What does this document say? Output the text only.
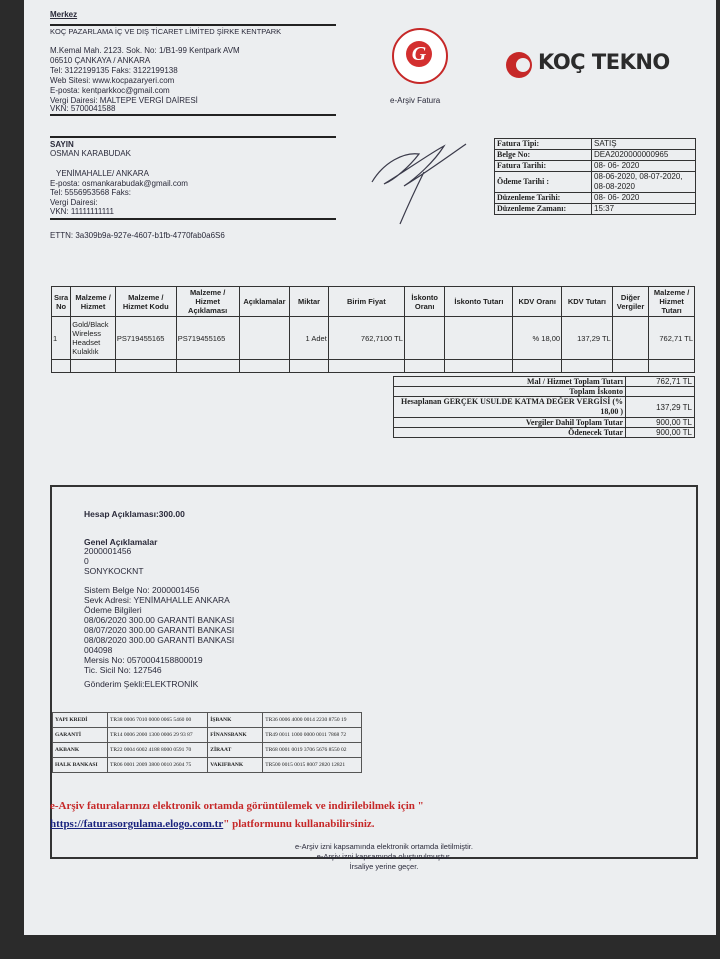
Merkez
KOÇ PAZARLAMA İÇ VE DIŞ TİCARET LİMİTED ŞİRKE KENTPARK
M.Kemal Mah. 2123. Sok. No: 1/B1-99 Kentpark AVM
06510 ÇANKAYA / ANKARA
Tel: 3122199135 Faks: 3122199138
Web Sitesi: www.kocpazaryeri.com
E-posta: kentparkkoc@gmail.com
Vergi Dairesi: MALTEPE VERGİ DAİRESİ
VKN: 5700041588
G
e-Arşiv Fatura
KOÇ TEKNO
SAYIN
OSMAN KARABUDAK
YENİMAHALLE/ ANKARA
E-posta: osmankarabudak@gmail.com
Tel: 5556953568 Faks:
Vergi Dairesi:
VKN: 11111111111
ETTN: 3a309b9a-927e-4607-b1fb-4770fab0a6S6
Fatura Tipi:	SATIŞ
Belge No:	DEA2020000000965
Fatura Tarihi:	08- 06- 2020
Ödeme Tarihi :	08-06-2020, 08-07-2020, 08-08-2020
Düzenleme Tarihi:	08- 06- 2020
Düzenleme Zamanı:	15:37
Sıra No	Malzeme / Hizmet	Malzeme / Hizmet Kodu	Malzeme / Hizmet Açıklaması	Açıklamalar	Miktar	Birim Fiyat	İskonto Oranı	İskonto Tutarı	KDV Oranı	KDV Tutarı	Diğer Vergiler	Malzeme / Hizmet Tutarı
1	Gold/Black Wireless Headset Kulaklık	PS719455165	PS719455165		1 Adet	762,7100 TL			% 18,00	137,29 TL		762,71 TL

Mal / Hizmet Toplam Tutarı	762,71 TL
Toplam İskonto	
Hesaplanan GERÇEK USULDE KATMA DEĞER VERGİSİ (% 18,00 )	137,29 TL
Vergiler Dahil Toplam Tutar	900,00 TL
Ödenecek Tutar	900,00 TL
Hesap Açıklaması:300.00
Genel Açıklamalar
2000001456
0
SONYKOCKNT
Sistem Belge No: 2000001456
Sevk Adresi: YENİMAHALLE ANKARA
Ödeme Bilgileri
08/06/2020 300.00 GARANTİ BANKASI
08/07/2020 300.00 GARANTİ BANKASI
08/08/2020 300.00 GARANTİ BANKASI
004098
Mersis No: 0570004158800019
Tic. Sicil No: 127546
Gönderim Şekli:ELEKTRONİK
YAPI KREDİ	TR38 0006 7010 0000 0065 5460 00	İŞBANK	TR36 0006 4000 0014 2230 8750 19
GARANTİ	TR14 0006 2000 1300 0006 29 93 87	FİNANSBANK	TR49 0011 1000 0000 0011 7868 72
AKBANK	TR22 0004 6002 4188 8000 0591 70	ZİRAAT	TR68 0001 0019 3706 5676 8550 02
HALK BANKASI	TR06 0001 2009 3800 0010 2604 75	VAKIFBANK	TR500 0015 0015 8007 2820 12821
e-Arşiv faturalarınızı elektronik ortamda görüntülemek ve indirilebilmek için "
https://faturasorgulama.elogo.com.tr" platformunu kullanabilirsiniz.
e-Arşiv izni kapsamında elektronik ortamda iletilmiştir.
e-Arşiv izni kapsamında oluşturulmuştur.
İrsaliye yerine geçer.
